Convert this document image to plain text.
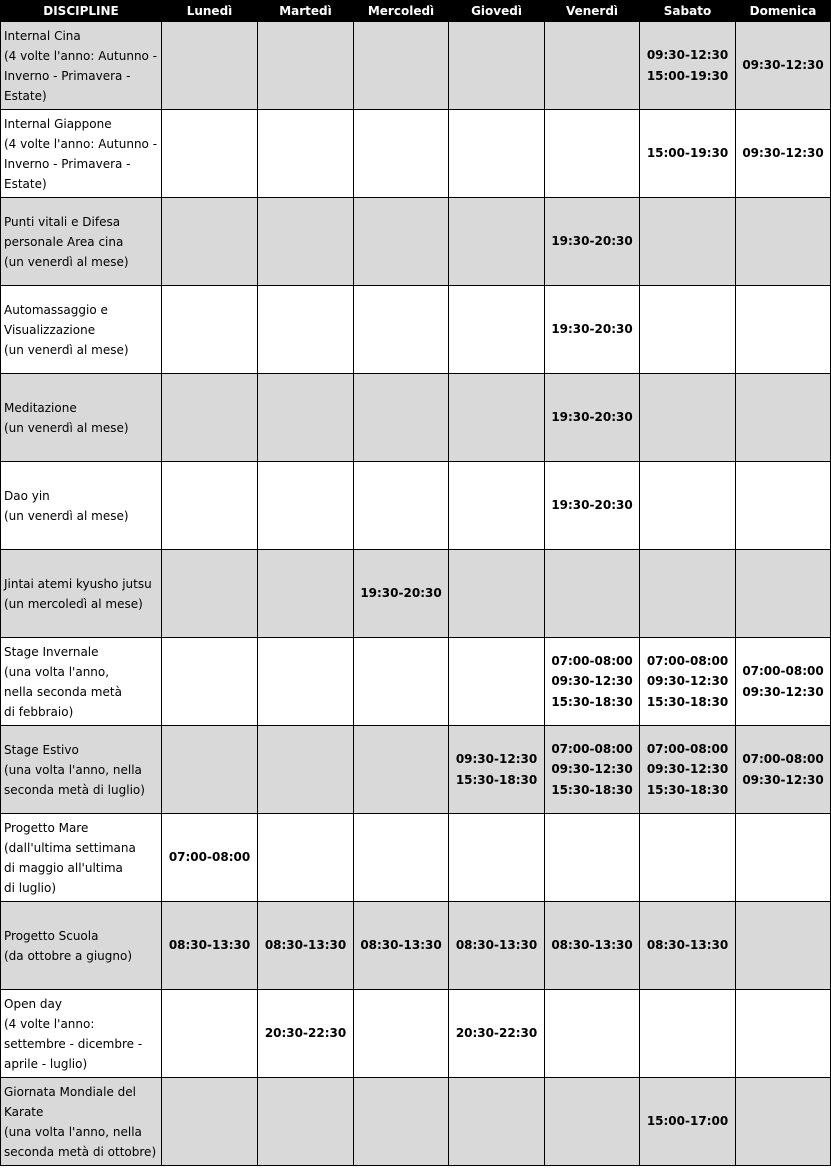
DISCIPLINE	Lunedì	Martedì	Mercoledì	Giovedì	Venerdì	Sabato	Domenica

Internal Cina
(4 volte l'anno: Autunno -
Inverno - Primavera -
Estate)						09:30-12:30
15:00-19:30	09:30-12:30

Internal Giappone
(4 volte l'anno: Autunno -
Inverno - Primavera -
Estate)						15:00-19:30	09:30-12:30

Punti vitali e Difesa
personale Area cina
(un venerdì al mese)					19:30-20:30		

Automassaggio e
Visualizzazione
(un venerdì al mese)					19:30-20:30		

Meditazione
(un venerdì al mese)					19:30-20:30		

Dao yin
(un venerdì al mese)					19:30-20:30		

Jintai atemi kyusho jutsu
(un mercoledì al mese)			19:30-20:30				

Stage Invernale
(una volta l'anno,
nella seconda metà
di febbraio)					07:00-08:00
09:30-12:30
15:30-18:30	07:00-08:00
09:30-12:30
15:30-18:30	07:00-08:00
09:30-12:30

Stage Estivo
(una volta l'anno, nella
seconda metà di luglio)				09:30-12:30
15:30-18:30	07:00-08:00
09:30-12:30
15:30-18:30	07:00-08:00
09:30-12:30
15:30-18:30	07:00-08:00
09:30-12:30

Progetto Mare
(dall'ultima settimana
di maggio all'ultima
di luglio)	07:00-08:00						

Progetto Scuola
(da ottobre a giugno)	08:30-13:30	08:30-13:30	08:30-13:30	08:30-13:30	08:30-13:30	08:30-13:30	

Open day
(4 volte l'anno:
settembre - dicembre -
aprile - luglio)		20:30-22:30		20:30-22:30			

Giornata Mondiale del
Karate
(una volta l'anno, nella
seconda metà di ottobre)						15:00-17:00	
